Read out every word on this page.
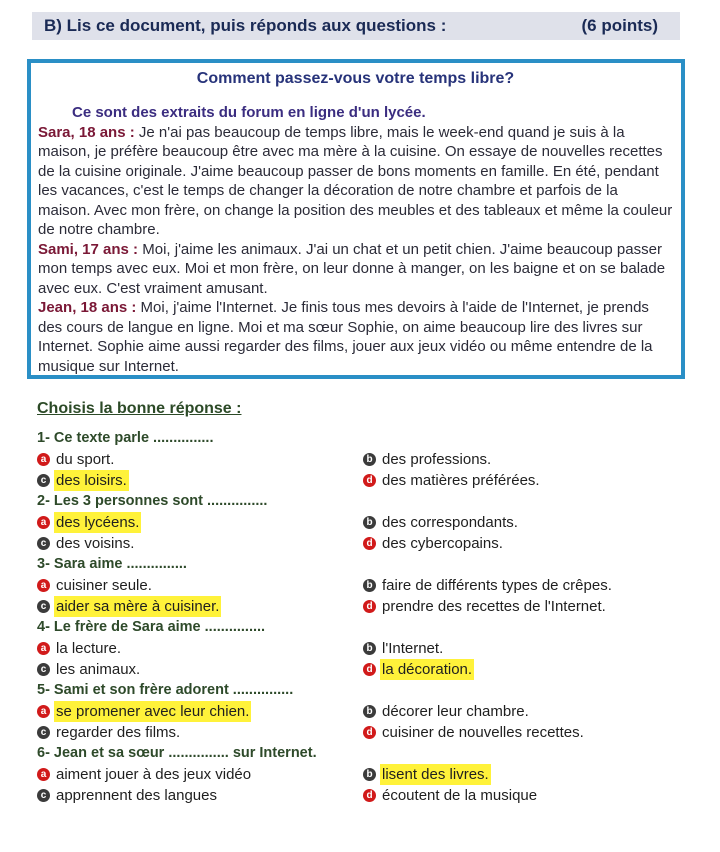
B) Lis ce document, puis réponds aux questions :	(6 points)
Comment passez-vous votre temps libre?
Ce sont des extraits du forum en ligne d'un lycée.
Sara, 18 ans : Je n'ai pas beaucoup de temps libre, mais le week-end quand je suis à la maison, je préfère beaucoup être avec ma mère à la cuisine. On essaye de nouvelles recettes de la cuisine originale. J'aime beaucoup passer de bons moments en famille. En été, pendant les vacances, c'est le temps de changer la décoration de notre chambre et parfois de la maison. Avec mon frère, on change la position des meubles et des tableaux et même la couleur de notre chambre.
Sami, 17 ans : Moi, j'aime les animaux. J'ai un chat et un petit chien. J'aime beaucoup passer mon temps avec eux. Moi et mon frère, on leur donne à manger, on les baigne et on se balade avec eux. C'est vraiment amusant.
Jean, 18 ans : Moi, j'aime l'Internet. Je finis tous mes devoirs à l'aide de l'Internet, je prends des cours de langue en ligne. Moi et ma sœur Sophie, on aime beaucoup lire des livres sur Internet. Sophie aime aussi regarder des films, jouer aux jeux vidéo ou même entendre de la musique sur Internet.
Choisis la bonne réponse :
1- Ce texte parle ...............
a du sport.	b des professions.
c des loisirs.	d des matières préférées.
2- Les 3 personnes sont ...............
a des lycéens.	b des correspondants.
c des voisins.	d des cybercopains.
3- Sara aime ...............
a cuisiner seule.	b faire de différents types de crêpes.
c aider sa mère à cuisiner.	d prendre des recettes de l'Internet.
4- Le frère de Sara aime ...............
a la lecture.	b l'Internet.
c les animaux.	d la décoration.
5- Sami et son frère adorent ...............
a se promener avec leur chien.	b décorer leur chambre.
c regarder des films.	d cuisiner de nouvelles recettes.
6- Jean et sa sœur ............... sur Internet.
a aiment jouer à des jeux vidéo	b lisent des livres.
c apprennent des langues	d écoutent de la musique
